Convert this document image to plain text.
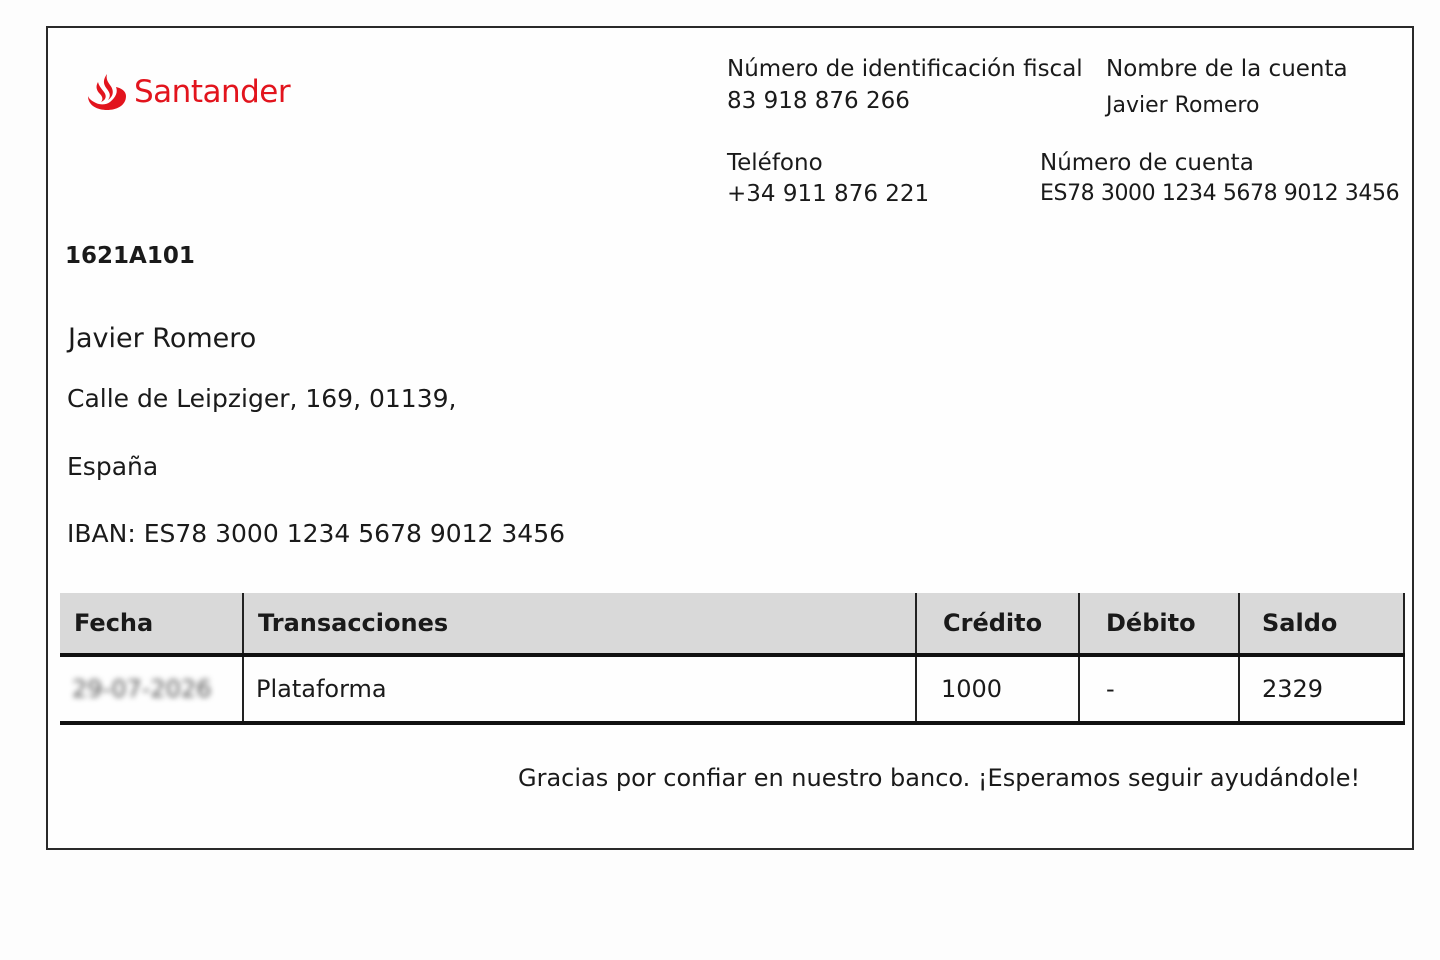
Santander
Número de identificación fiscal
83 918 876 266
Nombre de la cuenta
Javier Romero
Teléfono
+34 911 876 221
Número de cuenta
ES78 3000 1234 5678 9012 3456
1621A101
Javier Romero
Calle de Leipziger, 169, 01139,
España
IBAN: ES78 3000 1234 5678 9012 3456
Fecha	Transacciones	Crédito	Débito	Saldo
29-07-2026	Plataforma	1000	-	2329
Gracias por confiar en nuestro banco. ¡Esperamos seguir ayudándole!
